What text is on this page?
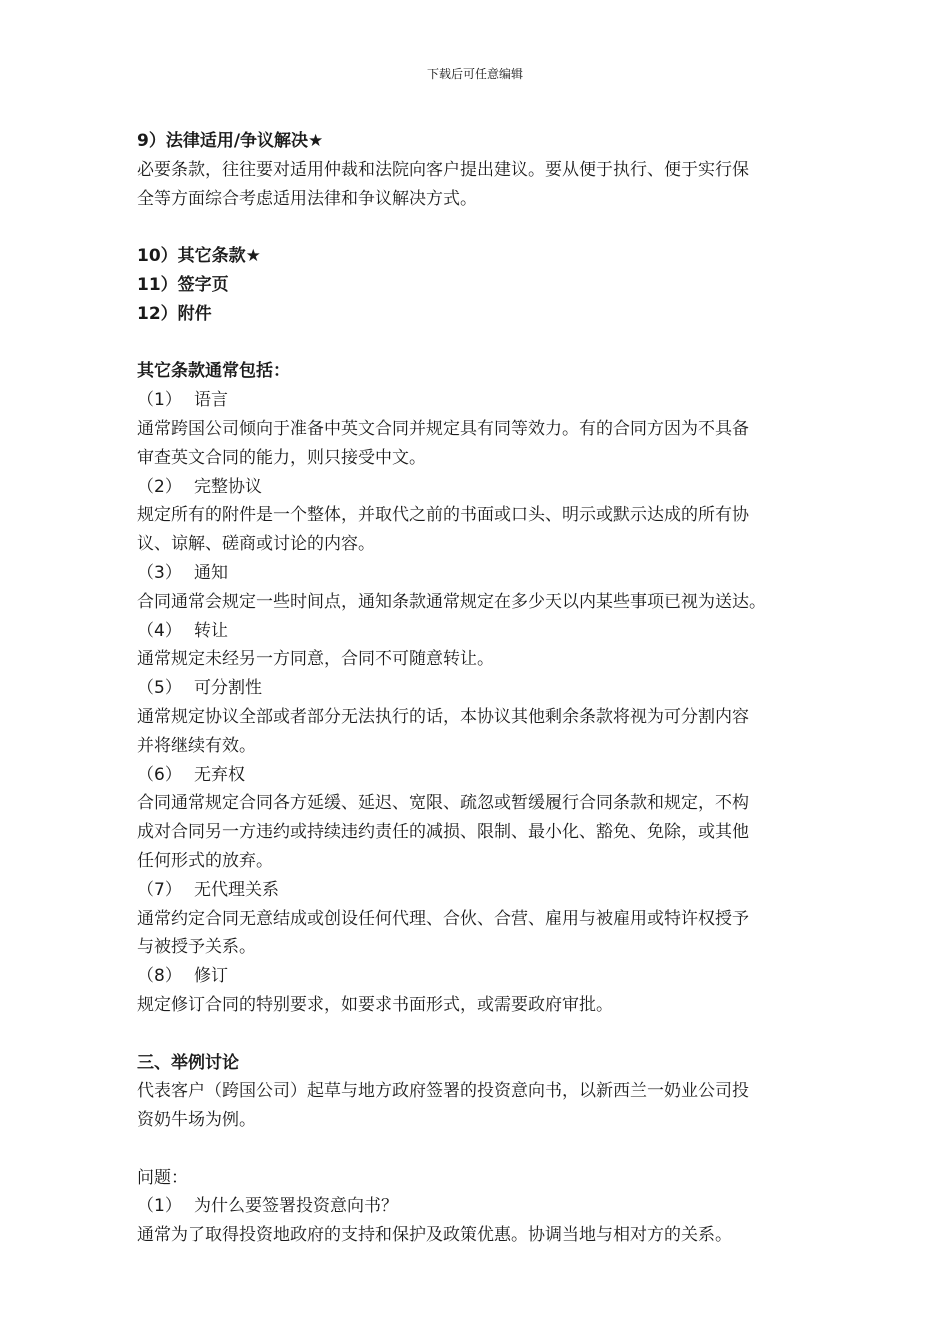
下载后可任意编辑
9）法律适用/争议解决★
必要条款，往往要对适用仲裁和法院向客户提出建议。要从便于执行、便于实行保
全等方面综合考虑适用法律和争议解决方式。
10）其它条款★
11）签字页
12）附件
其它条款通常包括：
（1） 语言
通常跨国公司倾向于准备中英文合同并规定具有同等效力。有的合同方因为不具备
审查英文合同的能力，则只接受中文。
（2） 完整协议
规定所有的附件是一个整体，并取代之前的书面或口头、明示或默示达成的所有协
议、谅解、磋商或讨论的内容。
（3） 通知
合同通常会规定一些时间点，通知条款通常规定在多少天以内某些事项已视为送达。
（4） 转让
通常规定未经另一方同意，合同不可随意转让。
（5） 可分割性
通常规定协议全部或者部分无法执行的话，本协议其他剩余条款将视为可分割内容
并将继续有效。
（6） 无弃权
合同通常规定合同各方延缓、延迟、宽限、疏忽或暂缓履行合同条款和规定，不构
成对合同另一方违约或持续违约责任的减损、限制、最小化、豁免、免除，或其他
任何形式的放弃。
（7） 无代理关系
通常约定合同无意结成或创设任何代理、合伙、合营、雇用与被雇用或特许权授予
与被授予关系。
（8） 修订
规定修订合同的特别要求，如要求书面形式，或需要政府审批。
三、举例讨论
代表客户（跨国公司）起草与地方政府签署的投资意向书，以新西兰一奶业公司投
资奶牛场为例。
问题：
（1） 为什么要签署投资意向书？
通常为了取得投资地政府的支持和保护及政策优惠。协调当地与相对方的关系。
